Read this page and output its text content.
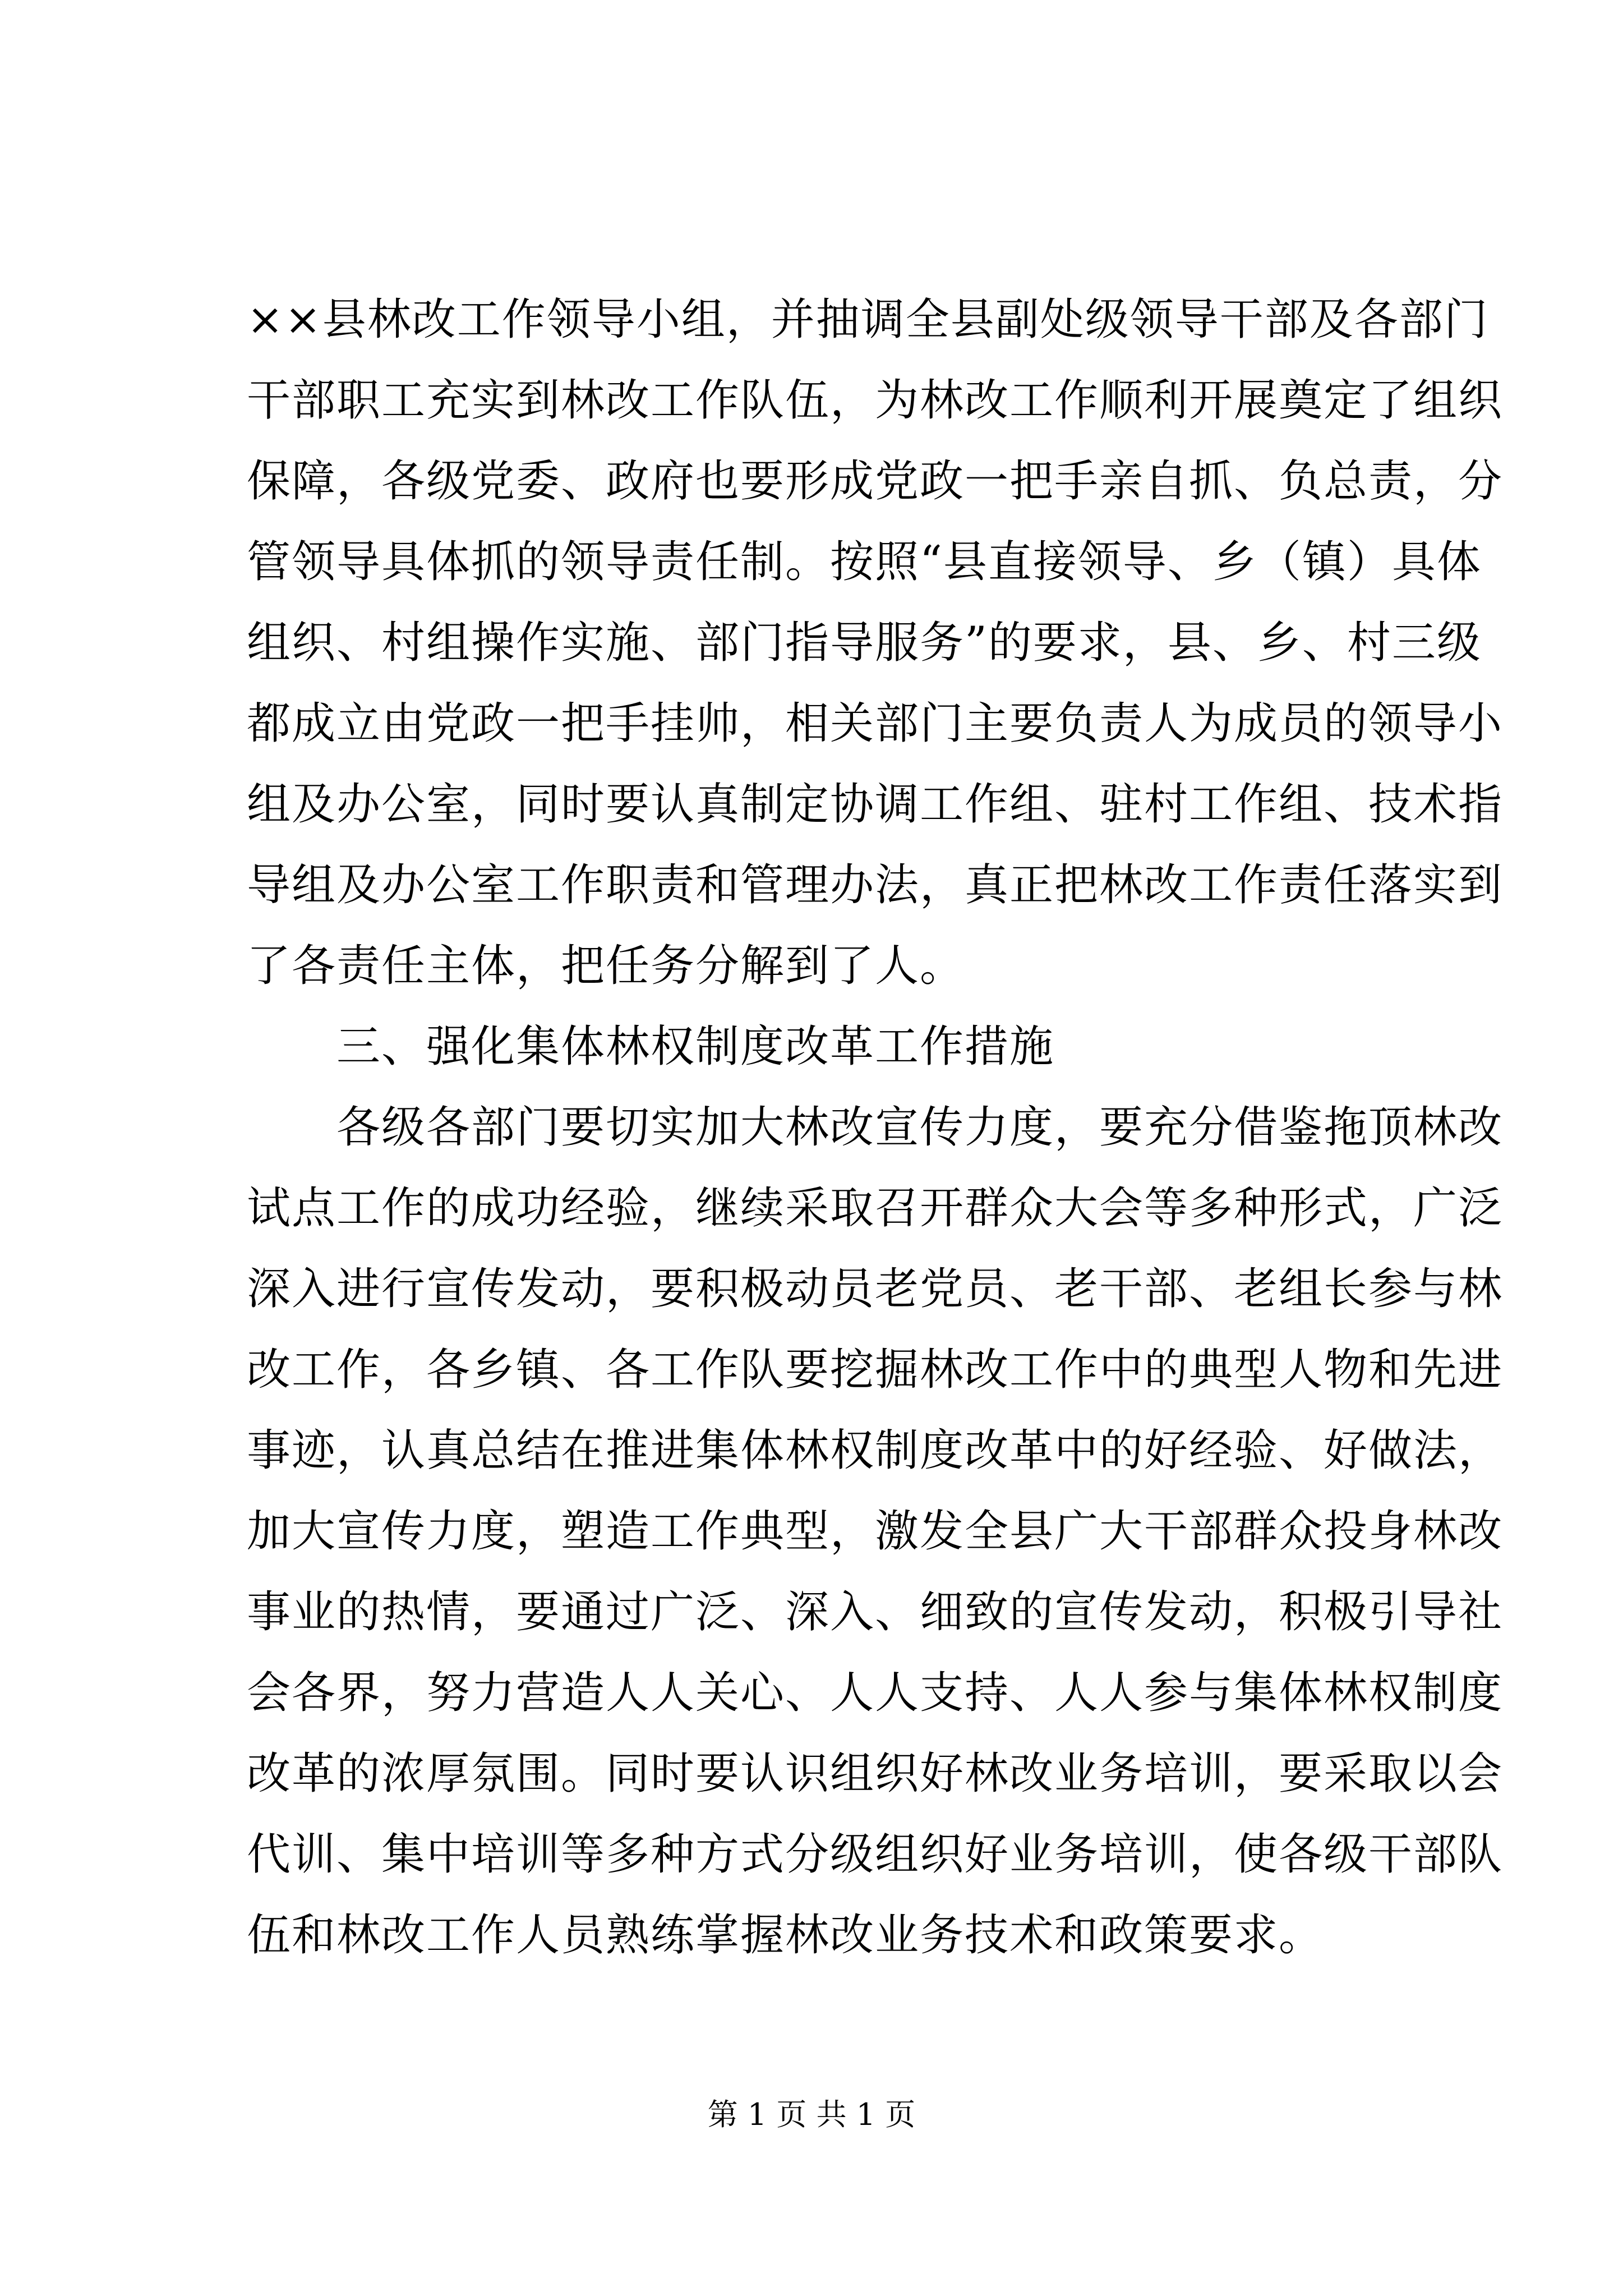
××县林改工作领导小组，并抽调全县副处级领导干部及各部门
干部职工充实到林改工作队伍，为林改工作顺利开展奠定了组织
保障，各级党委、政府也要形成党政一把手亲自抓、负总责，分
管领导具体抓的领导责任制。按照“县直接领导、乡（镇）具体
组织、村组操作实施、部门指导服务”的要求，县、乡、村三级
都成立由党政一把手挂帅，相关部门主要负责人为成员的领导小
组及办公室，同时要认真制定协调工作组、驻村工作组、技术指
导组及办公室工作职责和管理办法，真正把林改工作责任落实到
了各责任主体，把任务分解到了人。
三、强化集体林权制度改革工作措施
各级各部门要切实加大林改宣传力度，要充分借鉴拖顶林改
试点工作的成功经验，继续采取召开群众大会等多种形式，广泛
深入进行宣传发动，要积极动员老党员、老干部、老组长参与林
改工作，各乡镇、各工作队要挖掘林改工作中的典型人物和先进
事迹，认真总结在推进集体林权制度改革中的好经验、好做法，
加大宣传力度，塑造工作典型，激发全县广大干部群众投身林改
事业的热情，要通过广泛、深入、细致的宣传发动，积极引导社
会各界，努力营造人人关心、人人支持、人人参与集体林权制度
改革的浓厚氛围。同时要认识组织好林改业务培训，要采取以会
代训、集中培训等多种方式分级组织好业务培训，使各级干部队
伍和林改工作人员熟练掌握林改业务技术和政策要求。
第 1 页 共 1 页
